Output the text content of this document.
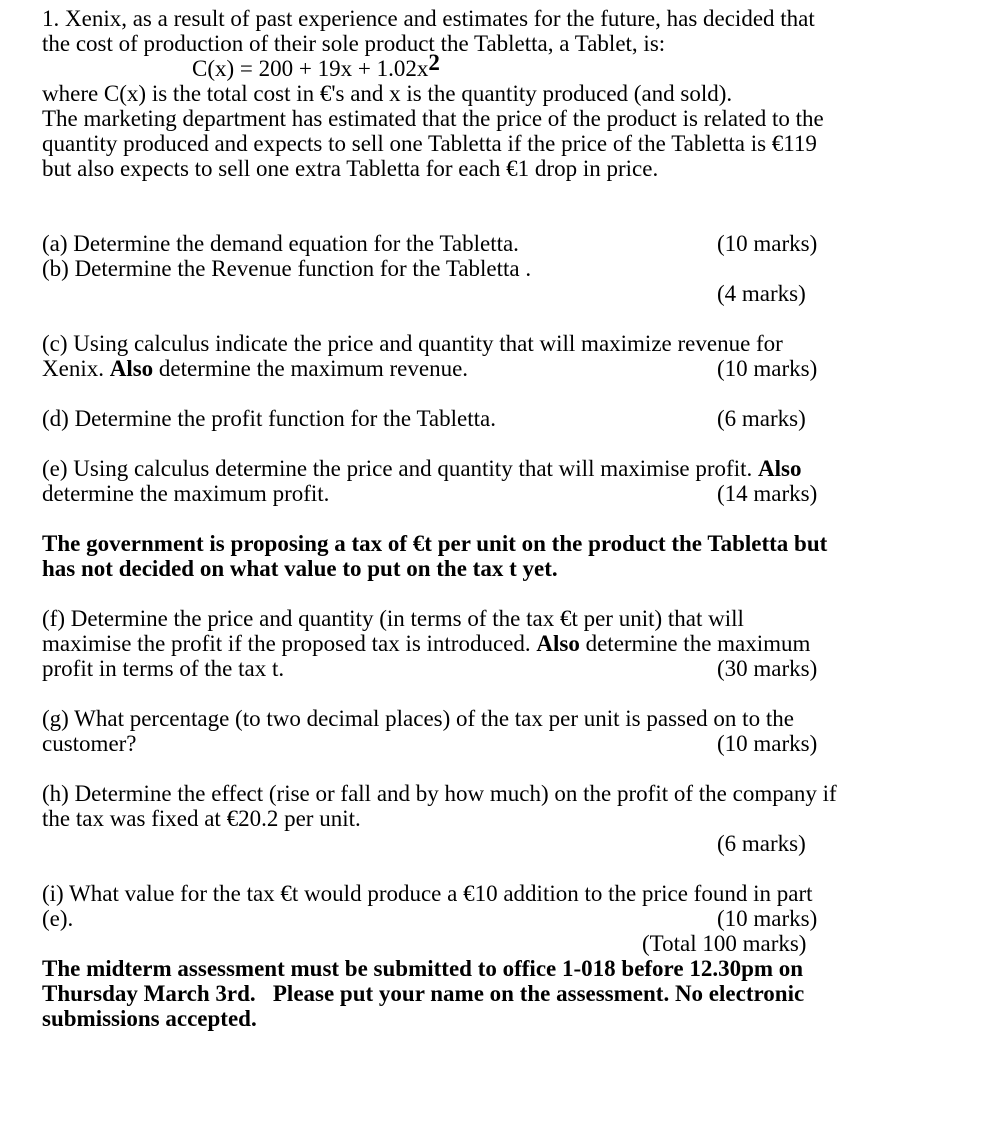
1. Xenix, as a result of past experience and estimates for the future, has decided that
the cost of production of their sole product the Tabletta, a Tablet, is:
$C(x) = 200 + 19x + 1.02x^2$
where C(x) is the total cost in €'s and x is the quantity produced (and sold).
The marketing department has estimated that the price of the product is related to the
quantity produced and expects to sell one Tabletta if the price of the Tabletta is €119
but also expects to sell one extra Tabletta for each €1 drop in price.
(a) Determine the demand equation for the Tabletta.	(10 marks)
(b) Determine the Revenue function for the Tabletta .

(4 marks)
(c) Using calculus indicate the price and quantity that will maximize revenue for
Xenix. Also determine the maximum revenue.	(10 marks)
(d) Determine the profit function for the Tabletta.	(6 marks)
(e) Using calculus determine the price and quantity that will maximise profit. Also
determine the maximum profit.	(14 marks)
The government is proposing a tax of €t per unit on the product the Tabletta but
has not decided on what value to put on the tax t yet.
(f) Determine the price and quantity (in terms of the tax €t per unit) that will
maximise the profit if the proposed tax is introduced. Also determine the maximum
profit in terms of the tax t.	(30 marks)
(g) What percentage (to two decimal places) of the tax per unit is passed on to the
customer?	(10 marks)
(h) Determine the effect (rise or fall and by how much) on the profit of the company if
the tax was fixed at €20.2 per unit.

(6 marks)
(i) What value for the tax €t would produce a €10 addition to the price found in part
(e).	(10 marks)

(Total 100 marks)
The midterm assessment must be submitted to office 1-018 before 12.30pm on
Thursday March 3rd.   Please put your name on the assessment. No electronic
submissions accepted.
